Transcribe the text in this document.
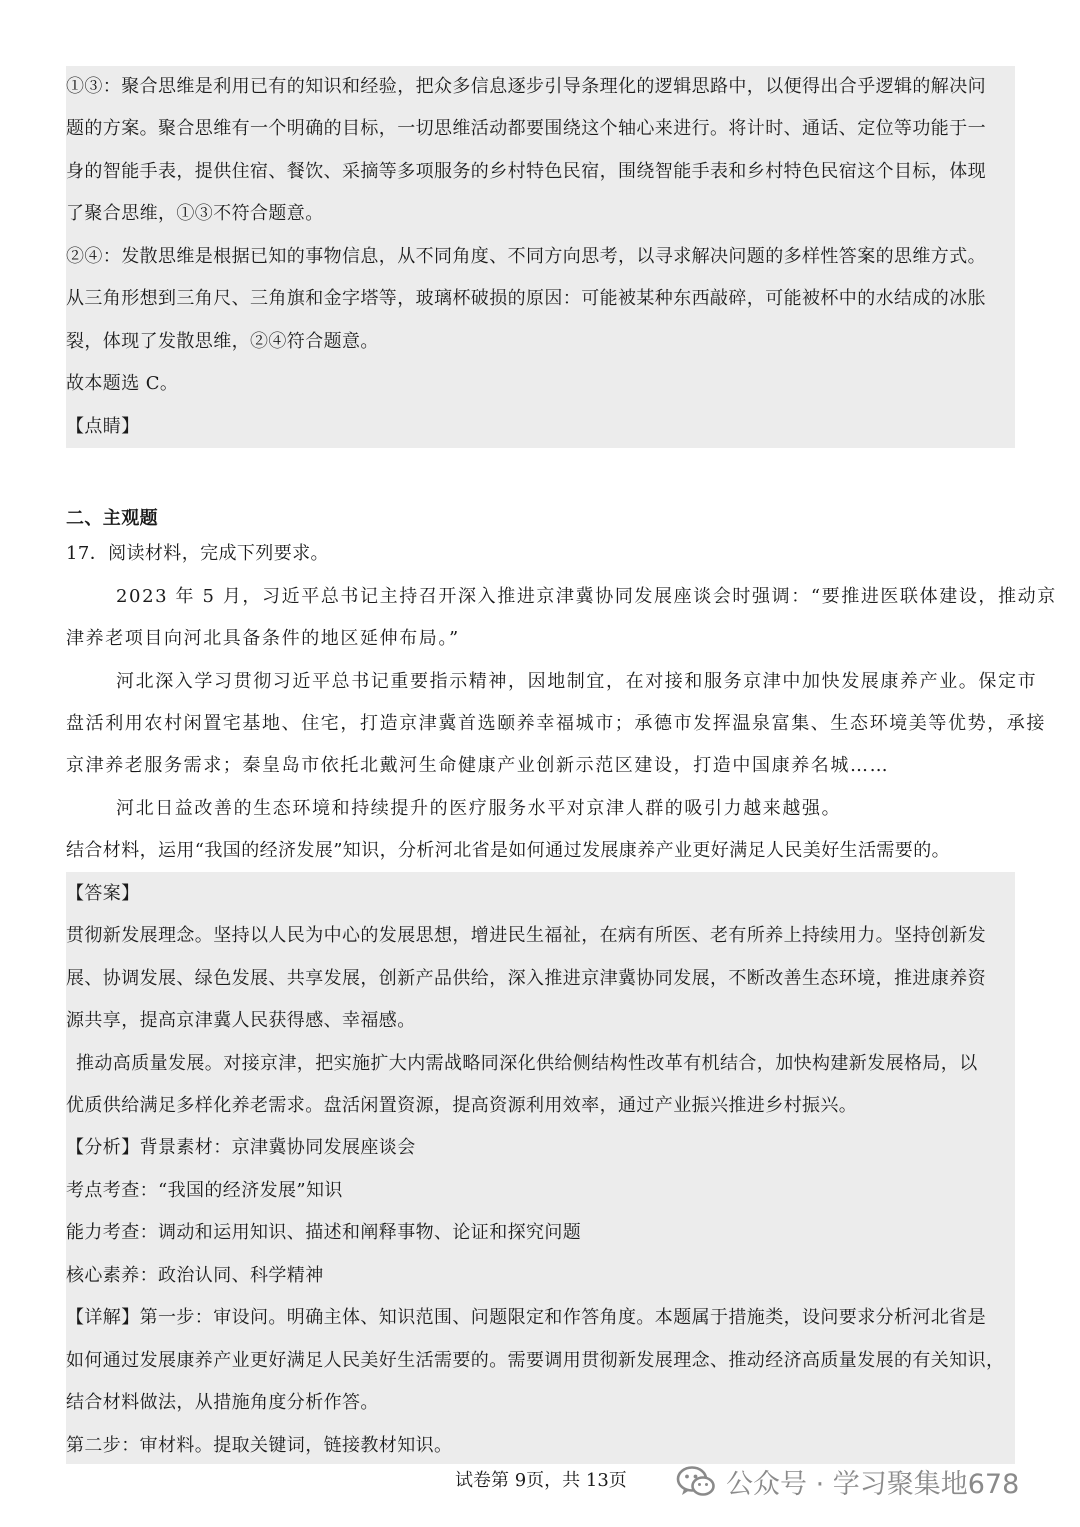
①③：聚合思维是利用已有的知识和经验，把众多信息逐步引导条理化的逻辑思路中，以便得出合乎逻辑的解决问
题的方案。聚合思维有一个明确的目标，一切思维活动都要围绕这个轴心来进行。将计时、通话、定位等功能于一
身的智能手表，提供住宿、餐饮、采摘等多项服务的乡村特色民宿，围绕智能手表和乡村特色民宿这个目标，体现
了聚合思维，①③不符合题意。
②④：发散思维是根据已知的事物信息，从不同角度、不同方向思考，以寻求解决问题的多样性答案的思维方式。
从三角形想到三角尺、三角旗和金字塔等，玻璃杯破损的原因：可能被某种东西敲碎，可能被杯中的水结成的冰胀
裂，体现了发散思维，②④符合题意。
故本题选 C。
【点睛】
二、主观题
17．阅读材料，完成下列要求。
2023 年 5 月，习近平总书记主持召开深入推进京津冀协同发展座谈会时强调：“要推进医联体建设，推动京
津养老项目向河北具备条件的地区延伸布局。”
河北深入学习贯彻习近平总书记重要指示精神，因地制宜，在对接和服务京津中加快发展康养产业。保定市
盘活利用农村闲置宅基地、住宅，打造京津冀首选颐养幸福城市；承德市发挥温泉富集、生态环境美等优势，承接
京津养老服务需求；秦皇岛市依托北戴河生命健康产业创新示范区建设，打造中国康养名城……
河北日益改善的生态环境和持续提升的医疗服务水平对京津人群的吸引力越来越强。
结合材料，运用“我国的经济发展”知识，分析河北省是如何通过发展康养产业更好满足人民美好生活需要的。
【答案】
贯彻新发展理念。坚持以人民为中心的发展思想，增进民生福祉，在病有所医、老有所养上持续用力。坚持创新发
展、协调发展、绿色发展、共享发展，创新产品供给，深入推进京津冀协同发展，不断改善生态环境，推进康养资
源共享，提高京津冀人民获得感、幸福感。
推动高质量发展。对接京津，把实施扩大内需战略同深化供给侧结构性改革有机结合，加快构建新发展格局，以
优质供给满足多样化养老需求。盘活闲置资源，提高资源利用效率，通过产业振兴推进乡村振兴。
【分析】背景素材：京津冀协同发展座谈会
考点考查：“我国的经济发展”知识
能力考查：调动和运用知识、描述和阐释事物、论证和探究问题
核心素养：政治认同、科学精神
【详解】第一步：审设问。明确主体、知识范围、问题限定和作答角度。本题属于措施类，设问要求分析河北省是
如何通过发展康养产业更好满足人民美好生活需要的。需要调用贯彻新发展理念、推动经济高质量发展的有关知识，
结合材料做法，从措施角度分析作答。
第二步：审材料。提取关键词，链接教材知识。
试卷第 9页，共 13页	公众号 · 学习聚集地678
